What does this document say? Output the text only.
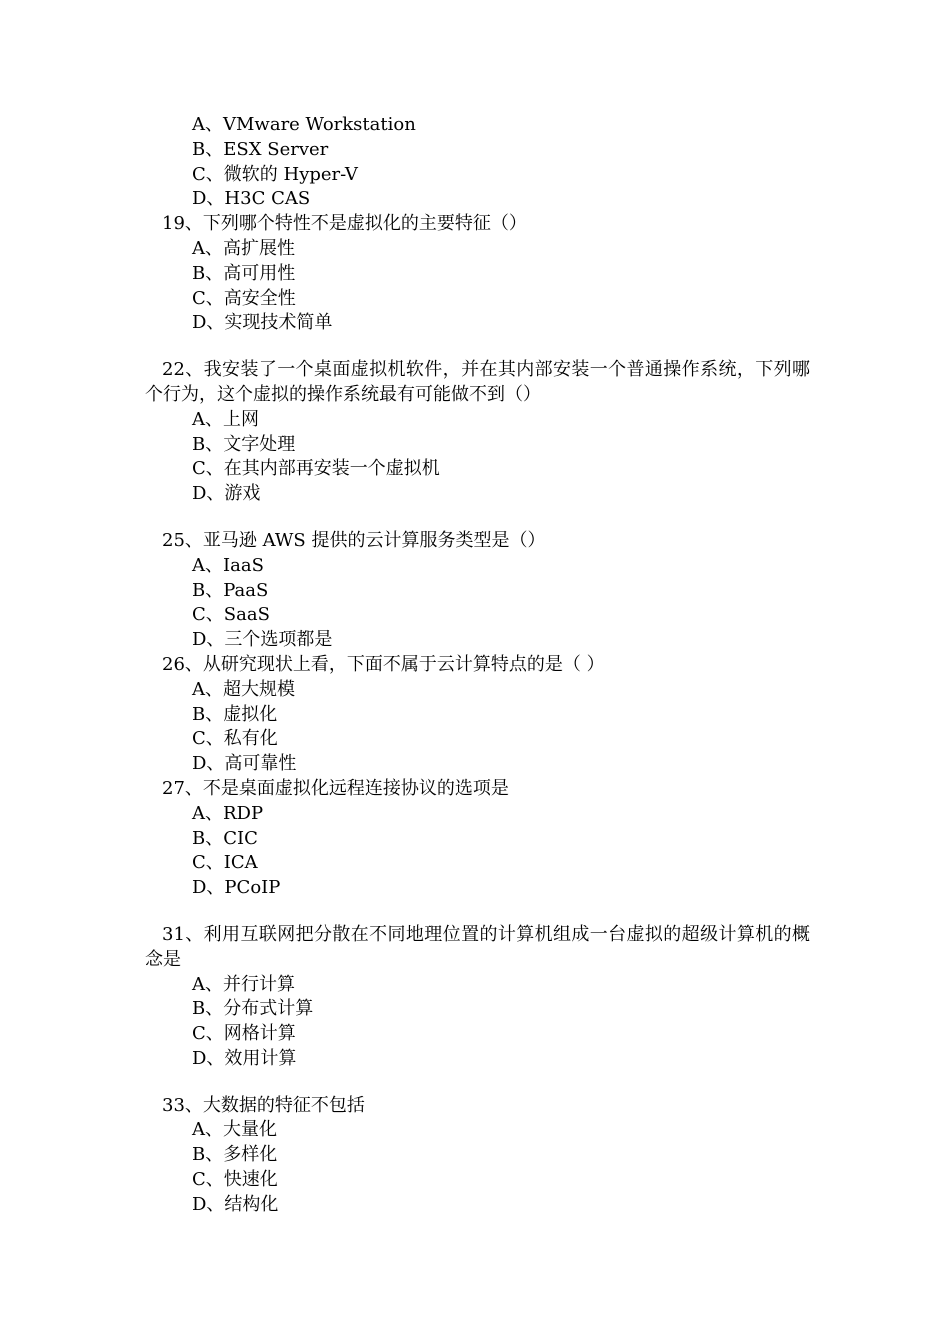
A、VMware Workstation
B、ESX Server
C、微软的 Hyper-V
D、H3C CAS
19、下列哪个特性不是虚拟化的主要特征（）
A、高扩展性
B、高可用性
C、高安全性
D、实现技术简单
22、我安装了一个桌面虚拟机软件，并在其内部安装一个普通操作系统，下列哪个行为，这个虚拟的操作系统最有可能做不到（）
A、上网
B、文字处理
C、在其内部再安装一个虚拟机
D、游戏
25、亚马逊 AWS 提供的云计算服务类型是（）
A、IaaS
B、PaaS
C、SaaS
D、三个选项都是
26、从研究现状上看，下面不属于云计算特点的是（ ）
A、超大规模
B、虚拟化
C、私有化
D、高可靠性
27、不是桌面虚拟化远程连接协议的选项是
A、RDP
B、CIC
C、ICA
D、PCoIP
31、利用互联网把分散在不同地理位置的计算机组成一台虚拟的超级计算机的概念是
A、并行计算
B、分布式计算
C、网格计算
D、效用计算
33、大数据的特征不包括
A、大量化
B、多样化
C、快速化
D、结构化
